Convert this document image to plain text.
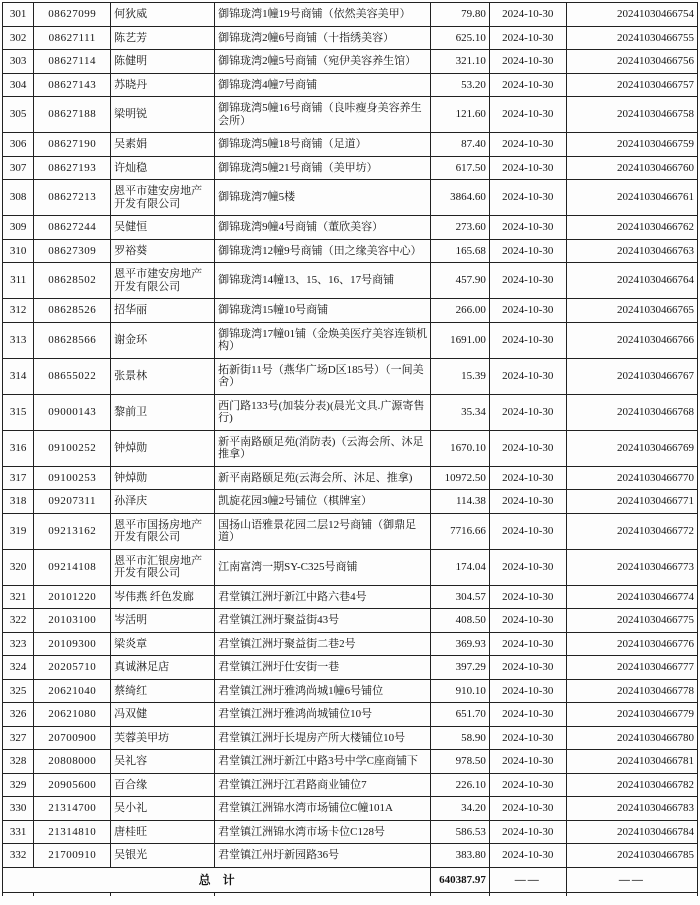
301	08627099	何狄威	御锦珑湾1幢19号商铺（依然美容美甲）	79.80	2024-10-30	20241030466754
302	08627111	陈艺芳	御锦珑湾2幢6号商铺（十指绣美容）	625.10	2024-10-30	20241030466755
303	08627114	陈健明	御锦珑湾2幢5号商铺（宛伊美容养生馆）	321.10	2024-10-30	20241030466756
304	08627143	苏晓丹	御锦珑湾4幢7号商铺	53.20	2024-10-30	20241030466757
305	08627188	梁明锐	御锦珑湾5幢16号商铺（良咔瘦身美容养生会所）	121.60	2024-10-30	20241030466758
306	08627190	吴素娟	御锦珑湾5幢18号商铺（足道）	87.40	2024-10-30	20241030466759
307	08627193	许灿稳	御锦珑湾5幢21号商铺（美甲坊）	617.50	2024-10-30	20241030466760
308	08627213	恩平市建安房地产开发有限公司	御锦珑湾7幢5楼	3864.60	2024-10-30	20241030466761
309	08627244	吴健恒	御锦珑湾9幢4号商铺（董欣美容）	273.60	2024-10-30	20241030466762
310	08627309	罗裕葵	御锦珑湾12幢9号商铺（田之缘美容中心）	165.68	2024-10-30	20241030466763
311	08628502	恩平市建安房地产开发有限公司	御锦珑湾14幢13、15、16、17号商铺	457.90	2024-10-30	20241030466764
312	08628526	招华丽	御锦珑湾15幢10号商铺	266.00	2024-10-30	20241030466765
313	08628566	谢金环	御锦珑湾17幢01铺（金焕美医疗美容连锁机构）	1691.00	2024-10-30	20241030466766
314	08655022	张景林	拓新街11号（燕华广场D区185号）（一间美舍）	15.39	2024-10-30	20241030466767
315	09000143	黎前卫	西门路133号(加装分表)(晨光文具.广源寄售行)	35.34	2024-10-30	20241030466768
316	09100252	钟焯勋	新平南路颐足苑(消防表)（云海会所、沐足推拿）	1670.10	2024-10-30	20241030466769
317	09100253	钟焯勋	新平南路颐足苑(云海会所、沐足、推拿)	10972.50	2024-10-30	20241030466770
318	09207311	孙泽庆	凯旋花园3幢2号铺位（棋牌室）	114.38	2024-10-30	20241030466771
319	09213162	恩平市国扬房地产开发有限公司	国扬山语雅景花园二层12号商铺（御鼎足道）	7716.66	2024-10-30	20241030466772
320	09214108	恩平市汇银房地产开发有限公司	江南富湾一期SY-C325号商铺	174.04	2024-10-30	20241030466773
321	20101220	岑伟燕 纤色发廊	君堂镇江洲圩新江中路六巷4号	304.57	2024-10-30	20241030466774
322	20103100	岑活明	君堂镇江洲圩聚益街43号	408.50	2024-10-30	20241030466775
323	20109300	梁炎章	君堂镇江洲圩聚益街二巷2号	369.93	2024-10-30	20241030466776
324	20205710	真诚淋足店	君堂镇江洲圩仕安街一巷	397.29	2024-10-30	20241030466777
325	20621040	蔡绮红	君堂镇江洲圩雅鸿尚城1幢6号铺位	910.10	2024-10-30	20241030466778
326	20621080	冯双健	君堂镇江洲圩雅鸿尚城铺位10号	651.70	2024-10-30	20241030466779
327	20700900	芙蓉美甲坊	君堂镇江洲圩长堤房产所大楼铺位10号	58.90	2024-10-30	20241030466780
328	20808000	吴礼容	君堂镇江洲圩新江中路3号中学C座商铺下	978.50	2024-10-30	20241030466781
329	20905600	百合缘	君堂镇江洲圩江君路商业铺位7	226.10	2024-10-30	20241030466782
330	21314700	吴小礼	君堂镇江洲锦水湾市场铺位C幢101A	34.20	2024-10-30	20241030466783
331	21314810	唐桂旺	君堂镇江洲锦水湾市场卡位C128号	586.53	2024-10-30	20241030466784
332	21700910	吴银光	君堂镇江州圩新园路36号	383.80	2024-10-30	20241030466785
总　计				640387.97	——	——
